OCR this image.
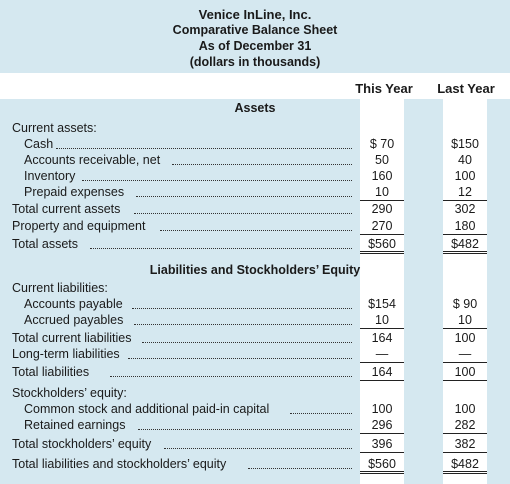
Venice InLine, Inc.
Comparative Balance Sheet
As of December 31
(dollars in thousands)
This Year	Last Year
Assets
Current assets:
Cash	$ 70	$150
Accounts receivable, net	50	40
Inventory	160	100
Prepaid expenses	10	12
Total current assets	290	302
Property and equipment	270	180
Total assets	$560	$482
Liabilities and Stockholders’ Equity
Current liabilities:
Accounts payable	$154	$ 90
Accrued payables	10	10
Total current liabilities	164	100
Long-term liabilities	—	—
Total liabilities	164	100
Stockholders’ equity:
Common stock and additional paid-in capital	100	100
Retained earnings	296	282
Total stockholders’ equity	396	382
Total liabilities and stockholders’ equity	$560	$482
